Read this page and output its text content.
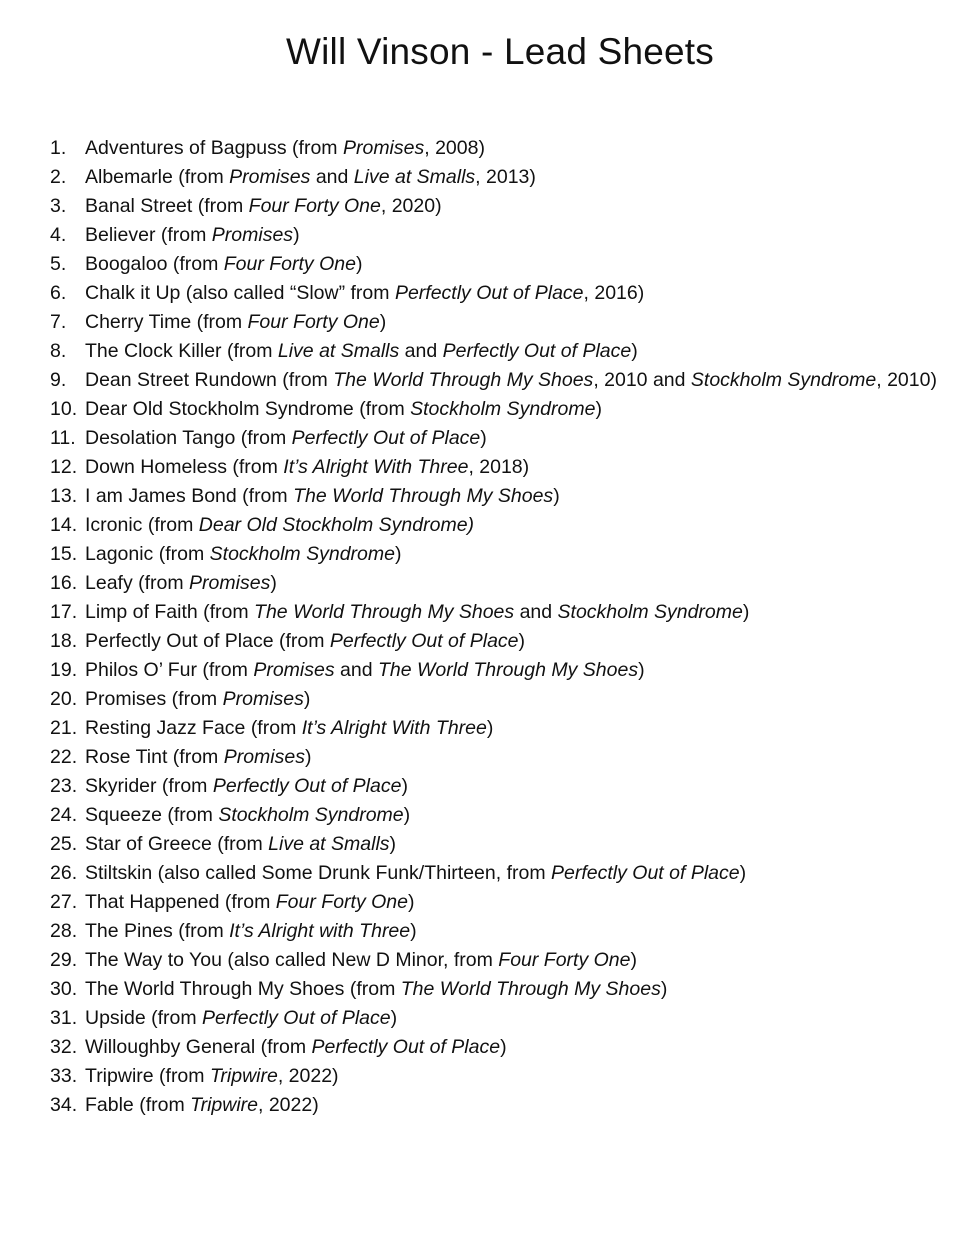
Will Vinson - Lead Sheets
1. Adventures of Bagpuss (from Promises, 2008)
2. Albemarle (from Promises and Live at Smalls, 2013)
3. Banal Street (from Four Forty One, 2020)
4. Believer (from Promises)
5. Boogaloo (from Four Forty One)
6. Chalk it Up (also called “Slow” from Perfectly Out of Place, 2016)
7. Cherry Time (from Four Forty One)
8. The Clock Killer (from Live at Smalls and Perfectly Out of Place)
9. Dean Street Rundown (from The World Through My Shoes, 2010 and Stockholm Syndrome, 2010)
10. Dear Old Stockholm Syndrome (from Stockholm Syndrome)
11. Desolation Tango (from Perfectly Out of Place)
12. Down Homeless (from It’s Alright With Three, 2018)
13. I am James Bond (from The World Through My Shoes)
14. Icronic (from Dear Old Stockholm Syndrome)
15. Lagonic (from Stockholm Syndrome)
16. Leafy (from Promises)
17. Limp of Faith (from The World Through My Shoes and Stockholm Syndrome)
18. Perfectly Out of Place (from Perfectly Out of Place)
19. Philos O’ Fur (from Promises and The World Through My Shoes)
20. Promises (from Promises)
21. Resting Jazz Face (from It’s Alright With Three)
22. Rose Tint (from Promises)
23. Skyrider (from Perfectly Out of Place)
24. Squeeze (from Stockholm Syndrome)
25. Star of Greece (from Live at Smalls)
26. Stiltskin (also called Some Drunk Funk/Thirteen, from Perfectly Out of Place)
27. That Happened (from Four Forty One)
28. The Pines (from It’s Alright with Three)
29. The Way to You (also called New D Minor, from Four Forty One)
30. The World Through My Shoes (from The World Through My Shoes)
31. Upside (from Perfectly Out of Place)
32. Willoughby General (from Perfectly Out of Place)
33. Tripwire (from Tripwire, 2022)
34. Fable (from Tripwire, 2022)
